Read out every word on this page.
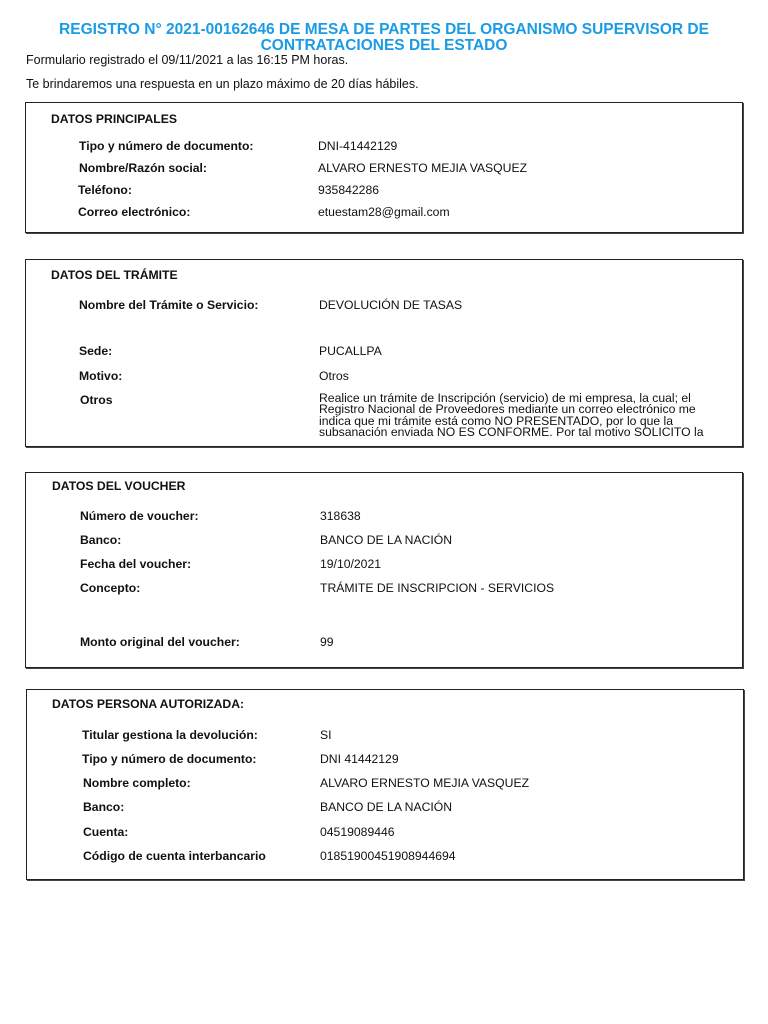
REGISTRO N° 2021-00162646 DE MESA DE PARTES DEL ORGANISMO SUPERVISOR DE CONTRATACIONES DEL ESTADO
Formulario registrado el 09/11/2021 a las 16:15 PM horas.
Te brindaremos una respuesta en un plazo máximo de 20 días hábiles.
DATOS PRINCIPALES
Tipo y número de documento:	DNI-41442129
Nombre/Razón social:	ALVARO ERNESTO MEJIA VASQUEZ
Teléfono:	935842286
Correo electrónico:	etuestam28@gmail.com
DATOS DEL TRÁMITE
Nombre del Trámite o Servicio:	DEVOLUCIÓN DE TASAS
Sede:	PUCALLPA
Motivo:	Otros
Otros	Realice un trámite de Inscripción (servicio) de mi empresa, la cual; el Registro Nacional de Proveedores mediante un correo electrónico me indica que mi trámite está como NO PRESENTADO, por lo que la subsanación enviada NO ES CONFORME. Por tal motivo SOLICITO la
DATOS DEL VOUCHER
Número de voucher:	318638
Banco:	BANCO DE LA NACIÓN
Fecha del voucher:	19/10/2021
Concepto:	TRÁMITE DE INSCRIPCION - SERVICIOS
Monto original del voucher:	99
DATOS PERSONA AUTORIZADA:
Titular gestiona la devolución:	SI
Tipo y número de documento:	DNI 41442129
Nombre completo:	ALVARO ERNESTO MEJIA VASQUEZ
Banco:	BANCO DE LA NACIÓN
Cuenta:	04519089446
Código de cuenta interbancario	01851900451908944694
